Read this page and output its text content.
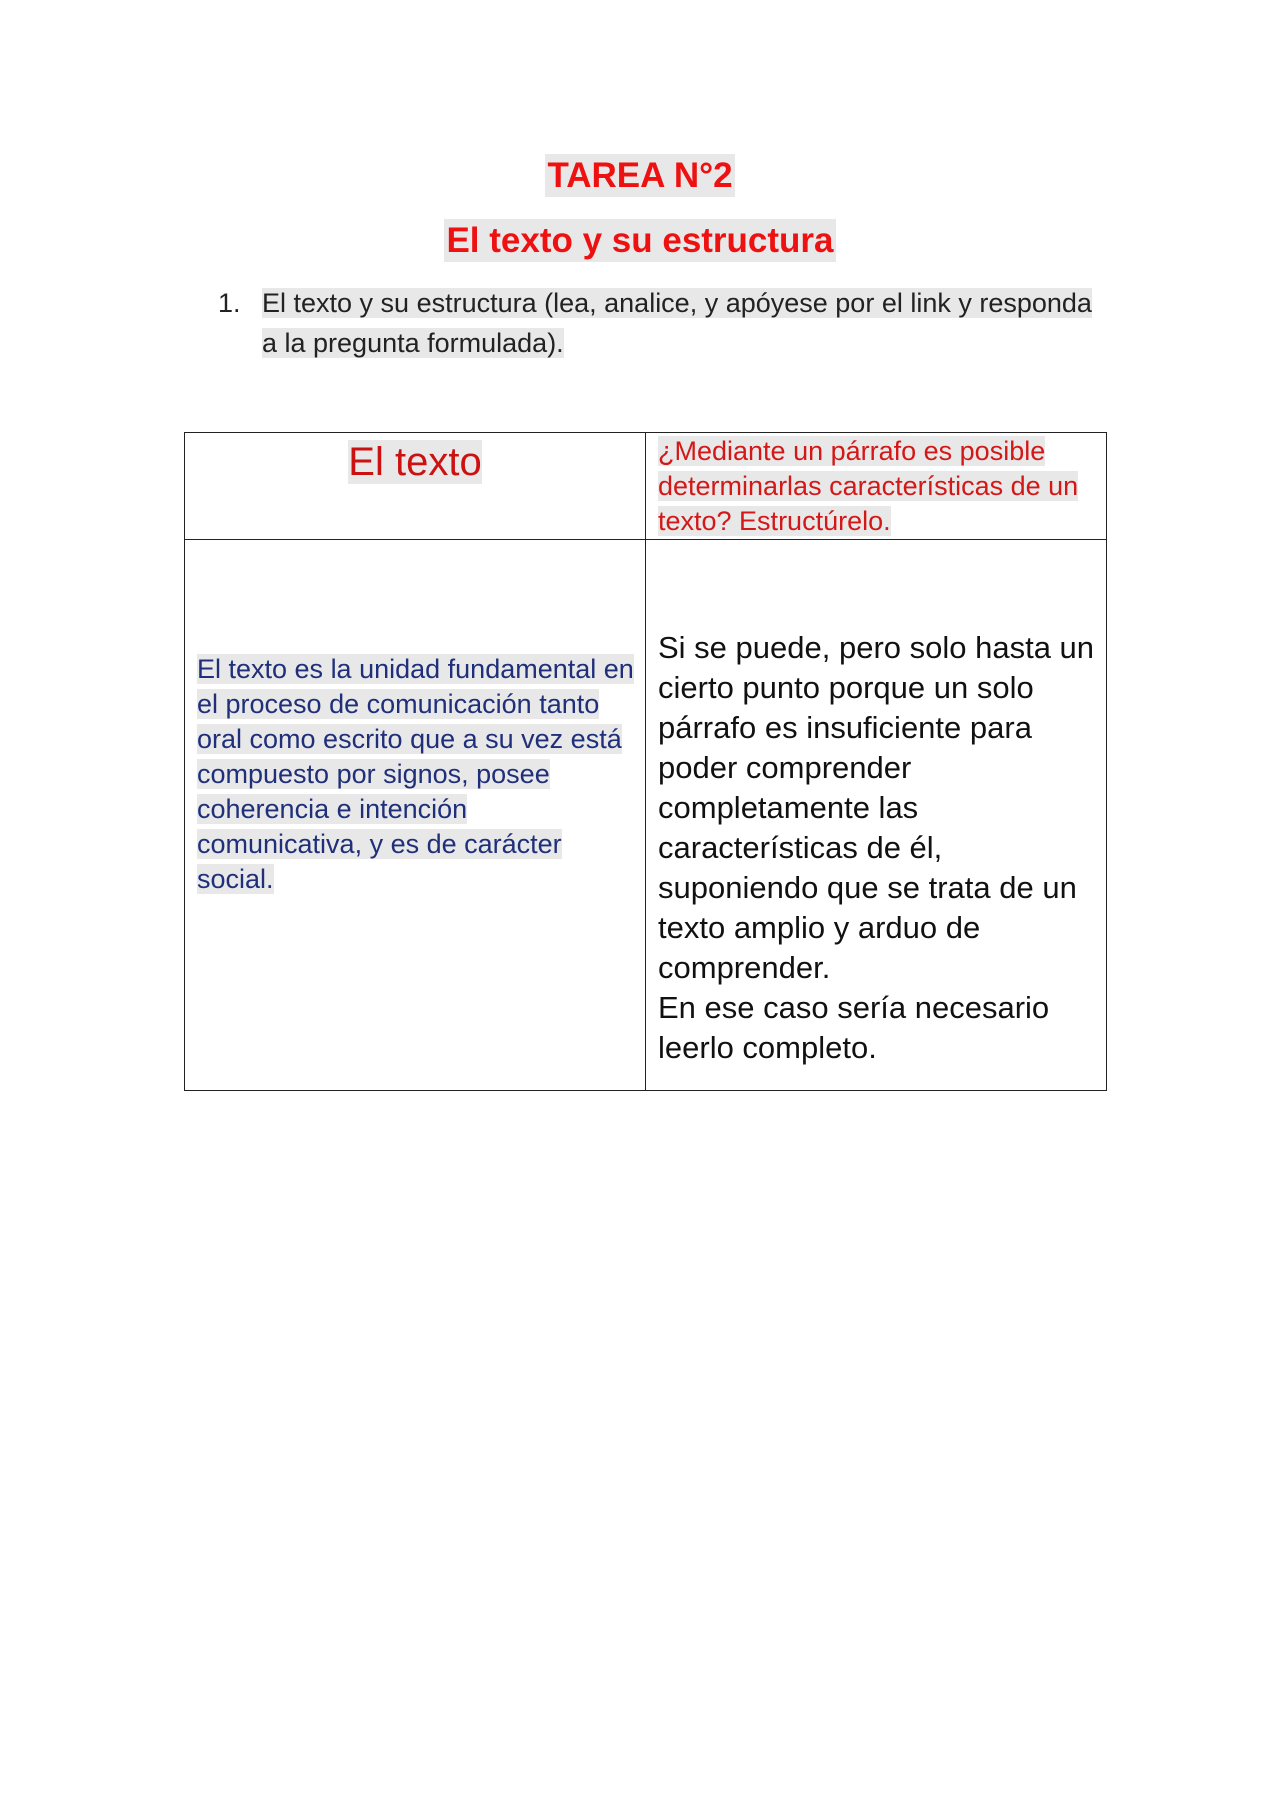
TAREA N°2
El texto y su estructura
1. El texto y su estructura (lea, analice, y apóyese por el link y responda a la pregunta formulada).
El texto	¿Mediante un párrafo es posible determinarlas características de un texto? Estructúrelo.

El texto es la unidad fundamental en el proceso de comunicación tanto oral como escrito que a su vez está compuesto por signos, posee coherencia e intención comunicativa, y es de carácter social.	Si se puede, pero solo hasta un cierto punto porque un solo párrafo es insuficiente para poder comprender completamente las características de él, suponiendo que se trata de un texto amplio y arduo de comprender.

En ese caso sería necesario leerlo completo.
